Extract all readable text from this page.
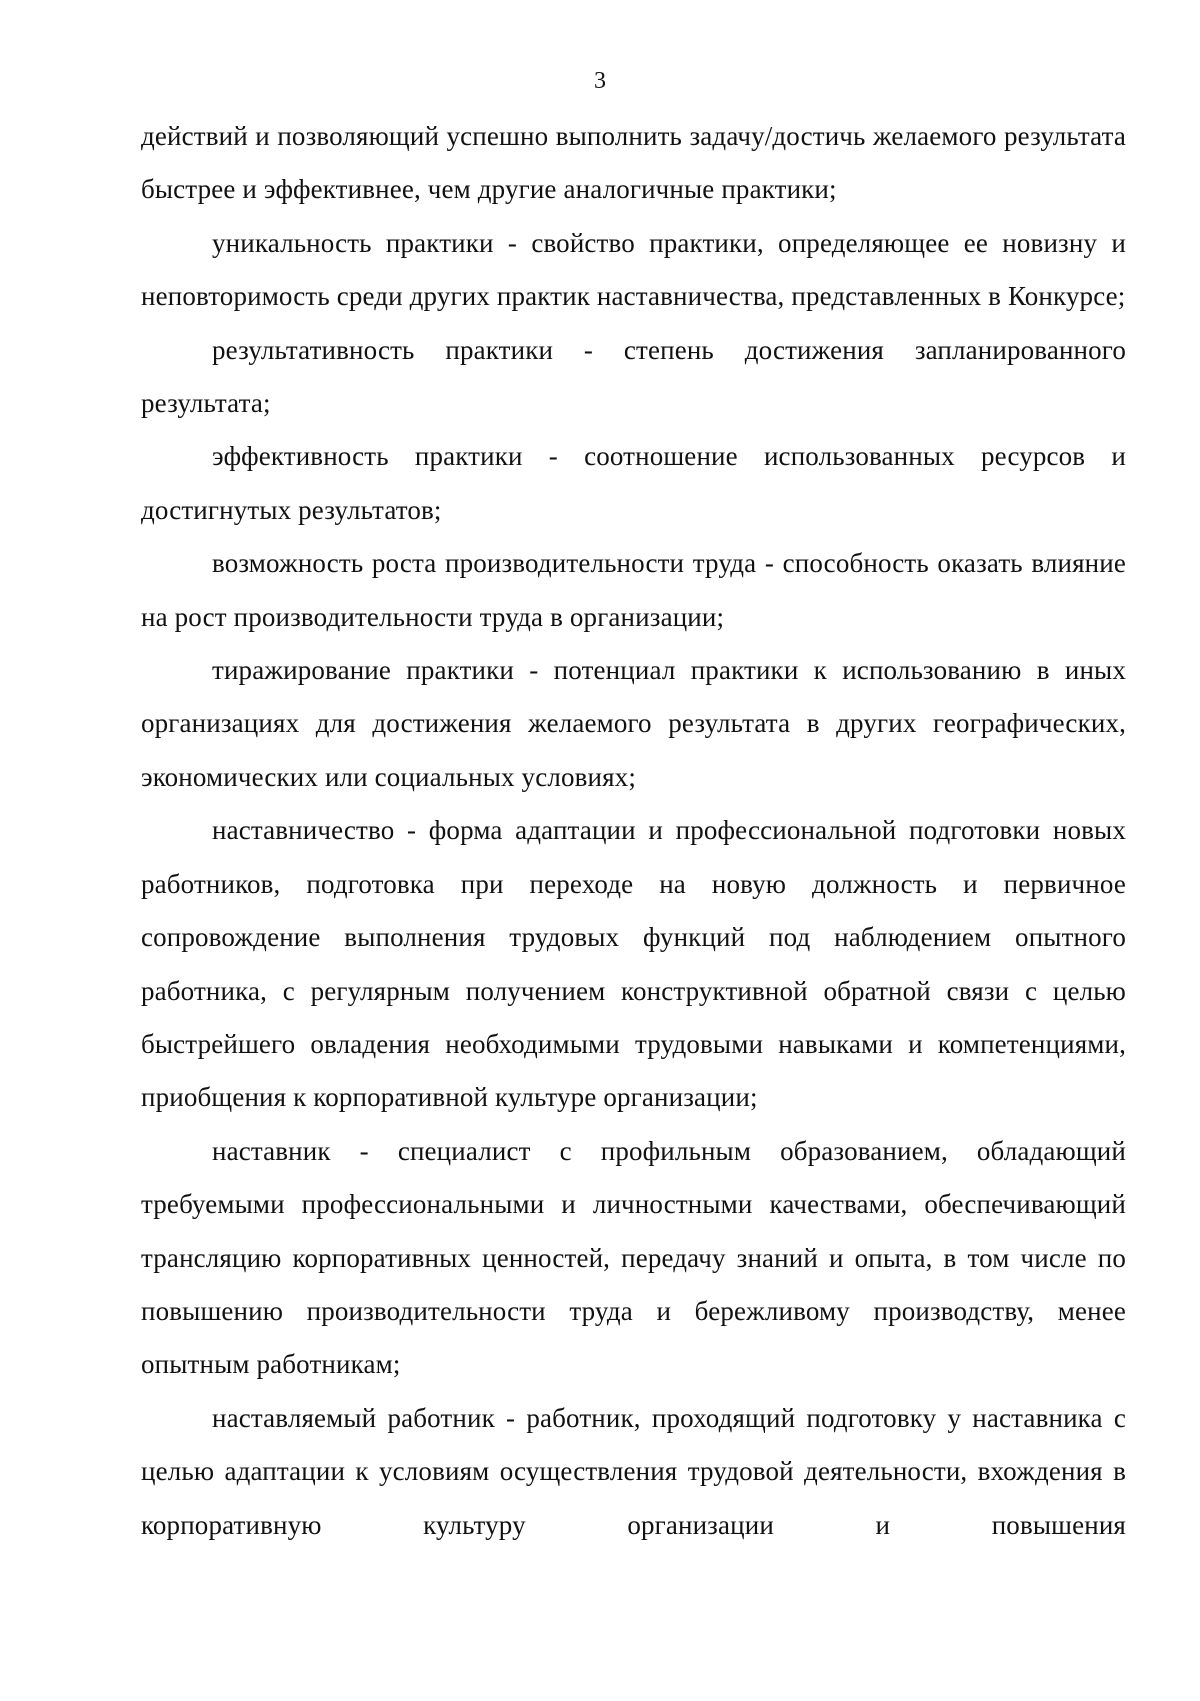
3

действий и позволяющий успешно выполнить задачу/достичь желаемого результата быстрее и эффективнее, чем другие аналогичные практики;

уникальность практики - свойство практики, определяющее ее новизну и неповторимость среди других практик наставничества, представленных в Конкурсе;

результативность практики - степень достижения запланированного результата;

эффективность практики - соотношение использованных ресурсов и достигнутых результатов;

возможность роста производительности труда - способность оказать влияние на рост производительности труда в организации;

тиражирование практики - потенциал практики к использованию в иных организациях для достижения желаемого результата в других географических, экономических или социальных условиях;

наставничество - форма адаптации и профессиональной подготовки новых работников, подготовка при переходе на новую должность и первичное сопровождение выполнения трудовых функций под наблюдением опытного работника, с регулярным получением конструктивной обратной связи с целью быстрейшего овладения необходимыми трудовыми навыками и компетенциями, приобщения к корпоративной культуре организации;

наставник - специалист с профильным образованием, обладающий требуемыми профессиональными и личностными качествами, обеспечивающий трансляцию корпоративных ценностей, передачу знаний и опыта, в том числе по повышению производительности труда и бережливому производству, менее опытным работникам;

наставляемый работник - работник, проходящий подготовку у наставника с целью адаптации к условиям осуществления трудовой деятельности, вхождения в корпоративную культуру организации и повышения
